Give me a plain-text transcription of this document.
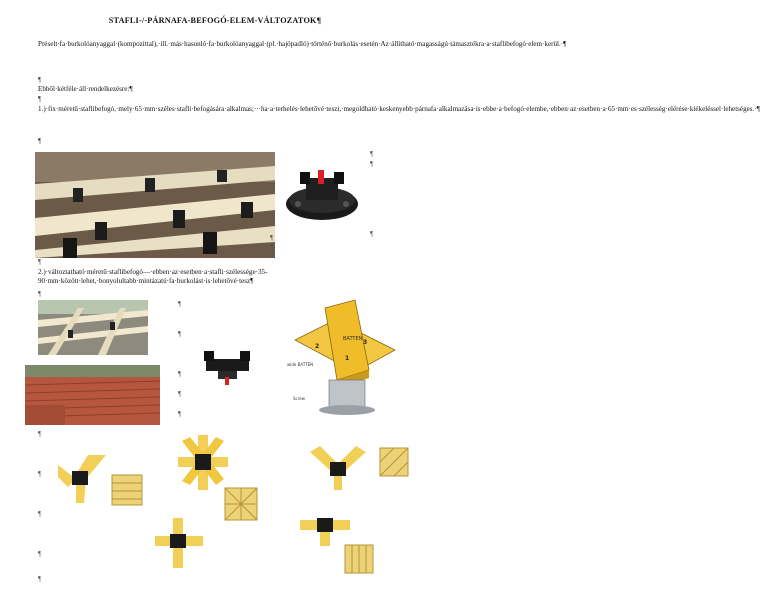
STAFLI-/-PÁRNAFA-BEFOGÓ-ELEM-VÁLTOZATOK¶
Préselt·fa·burkolóanyaggal·(kompozittal),·ill.·más·hasonló·fa·burkolóanyaggal·(pl.·hajópadló)·történő·burkolás·esetén·Az·állítható·magasságú·támasztékra·a·staflibefogó·elem·kerül.·¶
¶
Ebből·kétféle·áll·rendelkezésre:¶
¶
1.)·fix·méretű·staflibefogó,·mely·65·mm·széles·stafli·befogására·alkalmas;···ha·a·terhelés·lehetővé·teszi,·megoldható·keskenyebb·párnafa·alkalmazása·is·ebbe·a·befogó·elembe,·ebben·az·esetben·a·65·mm·es·szélesség·elérése·kiékeléssel·lehetséges.·¶
¶
2.)·változtatható·méretű·staflibefogó—·ebben·az·esetben·a·stafli·szélessége·35-90·mm·között·lehet,·bonyolultabb·mintázatú·fa·burkolást·is·lehetővé·tesz¶
BATTEN
wide BATTEN
Screw
1
2
3
¶
¶
¶
¶
¶
¶
¶
¶
¶
¶
¶
¶
¶
¶
¶
¶
¶
